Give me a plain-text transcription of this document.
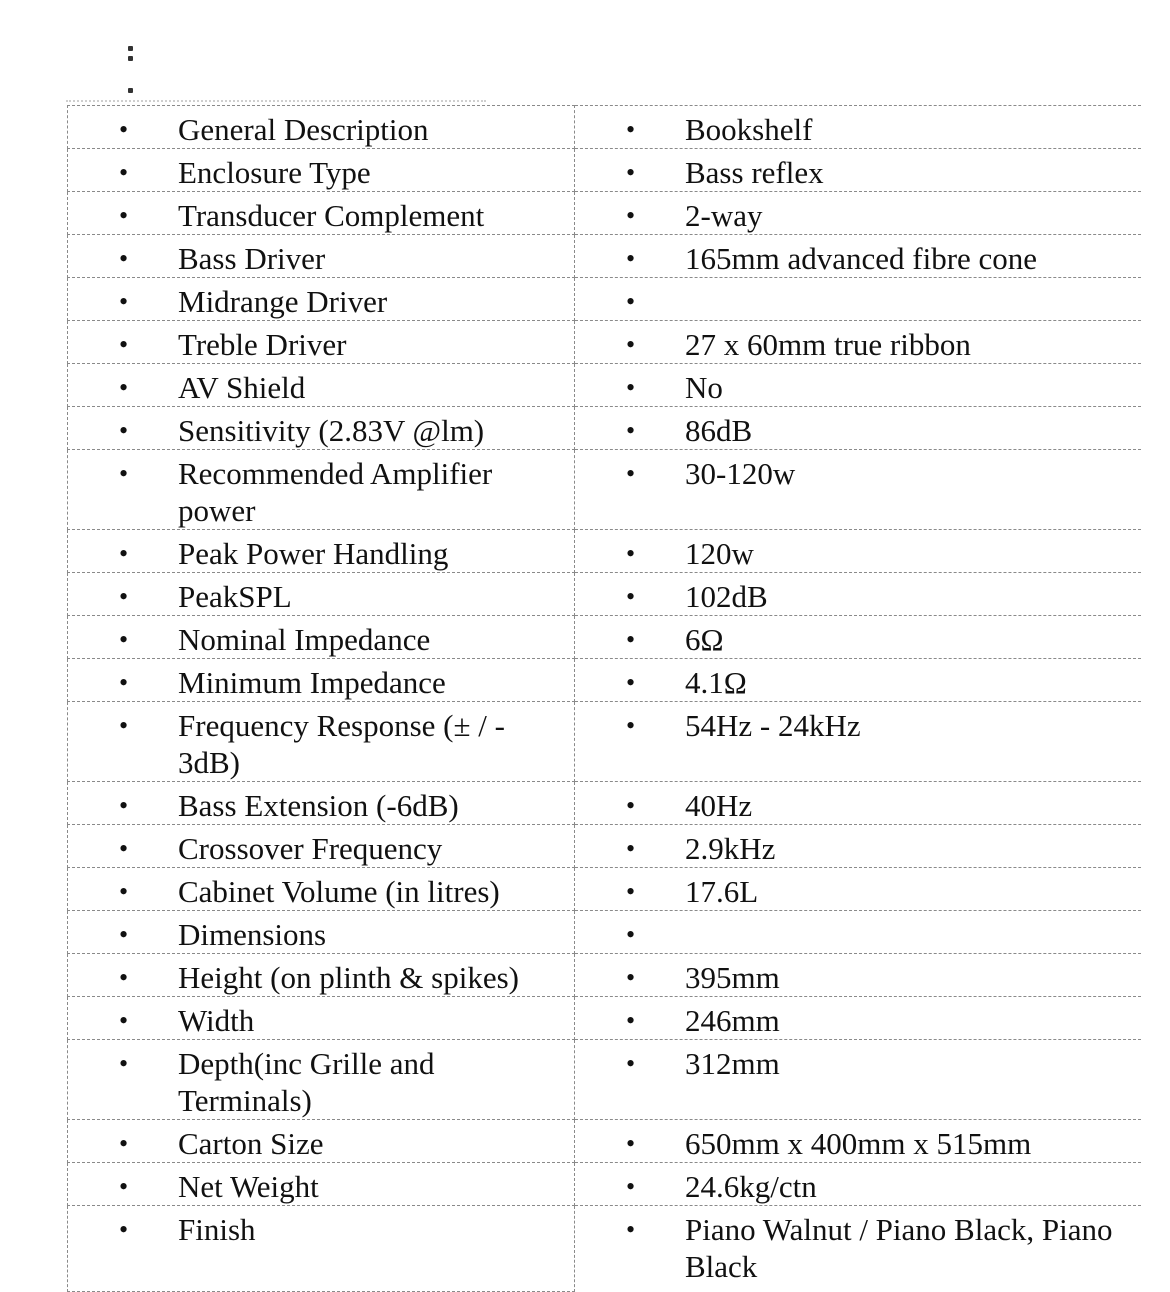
• General Description	• Bookshelf

• Enclosure Type	• Bass reflex

• Transducer Complement	• 2-way

• Bass Driver	• 165mm advanced fibre cone

• Midrange Driver	•

• Treble Driver	• 27 x 60mm true ribbon

• AV Shield	• No

• Sensitivity (2.83V @lm)	• 86dB

• Recommended Amplifier power	• 30-120w

• Peak Power Handling	• 120w

• PeakSPL	• 102dB

• Nominal Impedance	• 6Ω

• Minimum Impedance	• 4.1Ω

• Frequency Response (± / - 3dB)	• 54Hz - 24kHz

• Bass Extension (-6dB)	• 40Hz

• Crossover Frequency	• 2.9kHz

• Cabinet Volume (in litres)	• 17.6L

• Dimensions	•

• Height (on plinth & spikes)	• 395mm

• Width	• 246mm

• Depth(inc Grille and Terminals)	• 312mm

• Carton Size	• 650mm x 400mm x 515mm

• Net Weight	• 24.6kg/ctn

• Finish	• Piano Walnut / Piano Black, Piano Black
